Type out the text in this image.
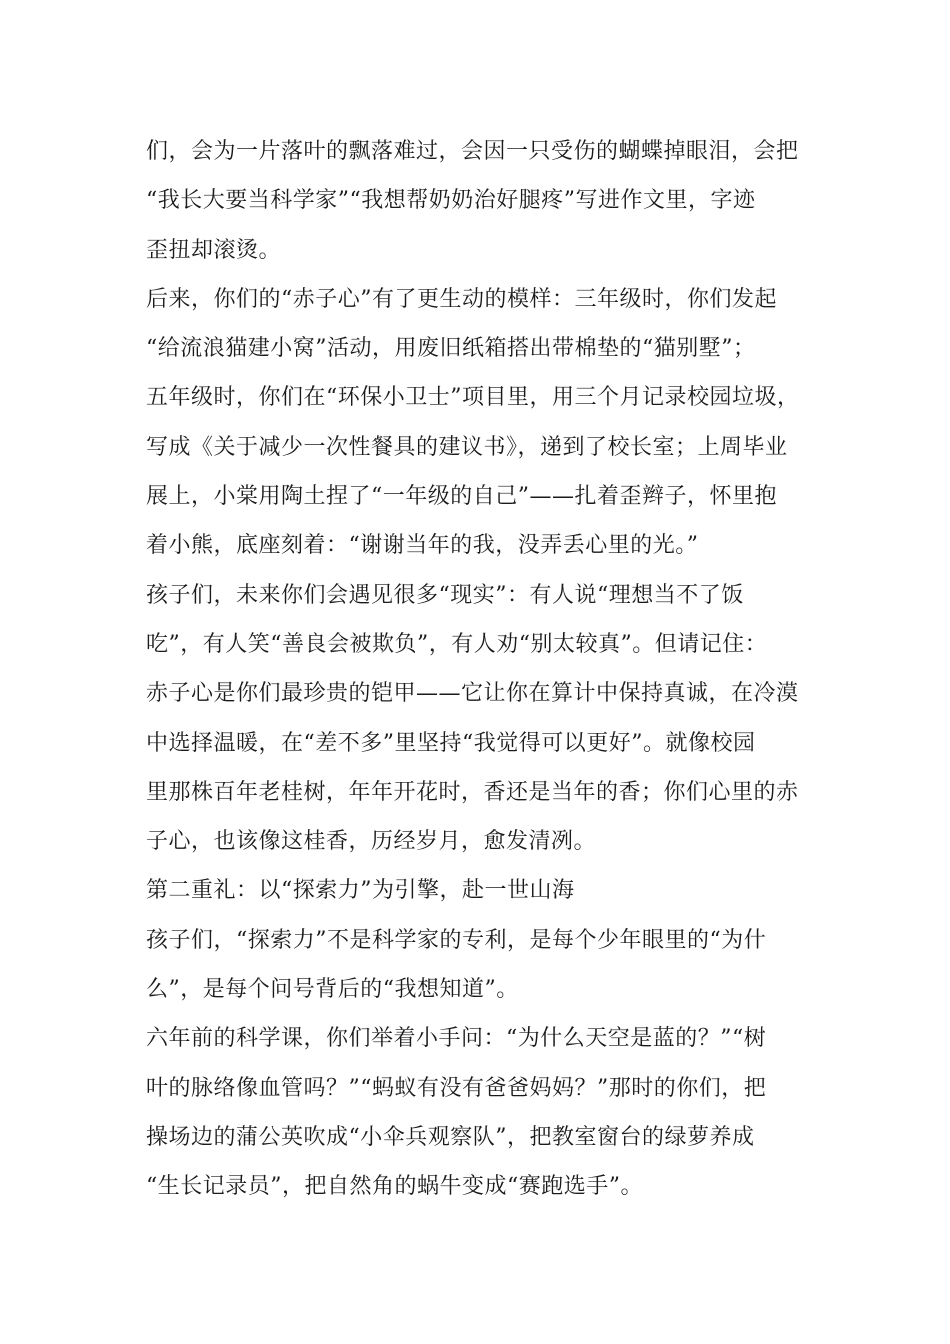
们，会为一片落叶的飘落难过，会因一只受伤的蝴蝶掉眼泪，会把
“我长大要当科学家”“我想帮奶奶治好腿疼”写进作文里，字迹
歪扭却滚烫。
后来，你们的“赤子心”有了更生动的模样：三年级时，你们发起
“给流浪猫建小窝”活动，用废旧纸箱搭出带棉垫的“猫别墅”；
五年级时，你们在“环保小卫士”项目里，用三个月记录校园垃圾，
写成《关于减少一次性餐具的建议书》，递到了校长室；上周毕业
展上，小棠用陶土捏了“一年级的自己”——扎着歪辫子，怀里抱
着小熊，底座刻着：“谢谢当年的我，没弄丢心里的光。”
孩子们，未来你们会遇见很多“现实”：有人说“理想当不了饭
吃”，有人笑“善良会被欺负”，有人劝“别太较真”。但请记住：
赤子心是你们最珍贵的铠甲——它让你在算计中保持真诚，在冷漠
中选择温暖，在“差不多”里坚持“我觉得可以更好”。就像校园
里那株百年老桂树，年年开花时，香还是当年的香；你们心里的赤
子心，也该像这桂香，历经岁月，愈发清冽。
第二重礼：以“探索力”为引擎，赴一世山海
孩子们，“探索力”不是科学家的专利，是每个少年眼里的“为什
么”，是每个问号背后的“我想知道”。
六年前的科学课，你们举着小手问：“为什么天空是蓝的？”“树
叶的脉络像血管吗？”“蚂蚁有没有爸爸妈妈？”那时的你们，把
操场边的蒲公英吹成“小伞兵观察队”，把教室窗台的绿萝养成
“生长记录员”，把自然角的蜗牛变成“赛跑选手”。
